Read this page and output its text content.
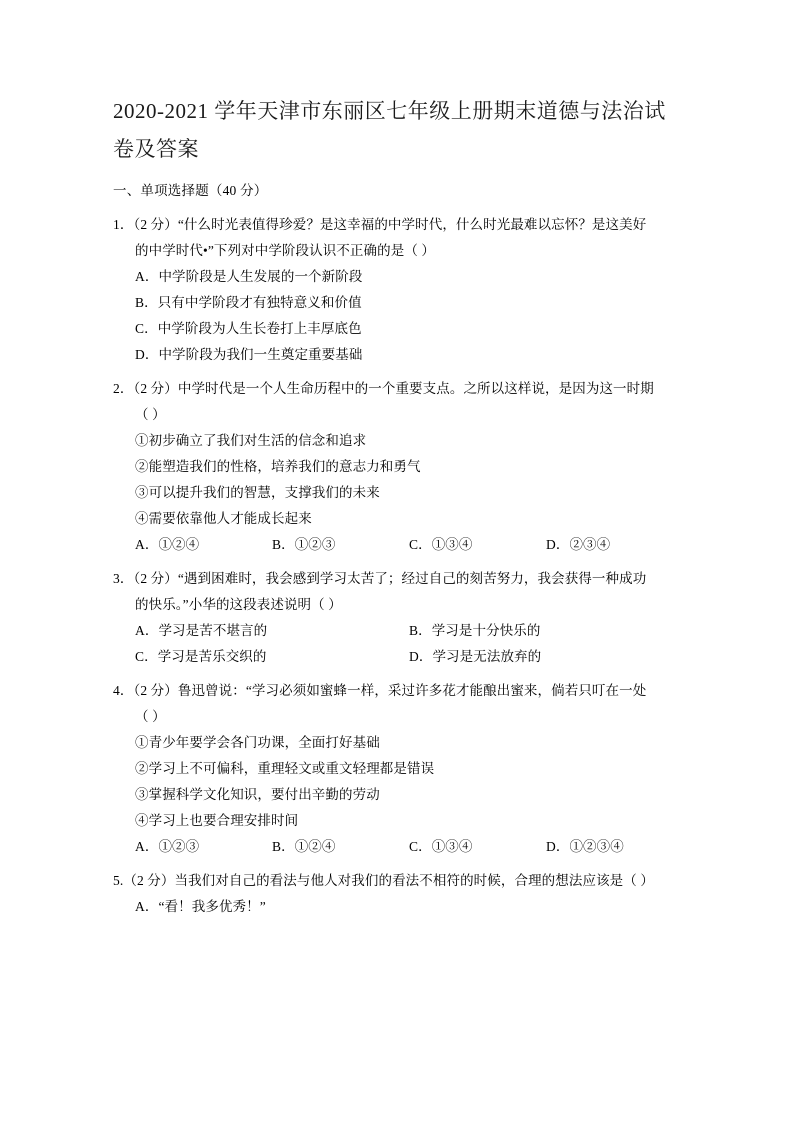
2020-2021 学年天津市东丽区七年级上册期末道德与法治试卷及答案
一、单项选择题（40 分）
1．（2 分）“什么时光表值得珍爱？是这幸福的中学时代，什么时光最难以忘怀？是这美好
的中学时代•”下列对中学阶段认识不正确的是（ ）
A．中学阶段是人生发展的一个新阶段
B．只有中学阶段才有独特意义和价值
C．中学阶段为人生长卷打上丰厚底色
D．中学阶段为我们一生奠定重要基础
2．（2 分）中学时代是一个人生命历程中的一个重要支点。之所以这样说，是因为这一时期
（ ）
①初步确立了我们对生活的信念和追求
②能塑造我们的性格，培养我们的意志力和勇气
③可以提升我们的智慧，支撑我们的未来
④需要依靠他人才能成长起来
A．①②④	B．①②③	C．①③④	D．②③④
3．（2 分）“遇到困难时，我会感到学习太苦了；经过自己的刻苦努力，我会获得一种成功
的快乐。”小华的这段表述说明（ ）
A．学习是苦不堪言的	B．学习是十分快乐的
C．学习是苦乐交织的	D．学习是无法放弃的
4．（2 分）鲁迅曾说：“学习必须如蜜蜂一样，采过许多花才能酿出蜜来，倘若只叮在一处
（ ）
①青少年要学会各门功课，全面打好基础
②学习上不可偏科，重理轻文或重文轻理都是错误
③掌握科学文化知识，要付出辛勤的劳动
④学习上也要合理安排时间
A．①②③	B．①②④	C．①③④	D．①②③④
5.（2 分）当我们对自己的看法与他人对我们的看法不相符的时候，合理的想法应该是（ ）
A．“看！我多优秀！”
